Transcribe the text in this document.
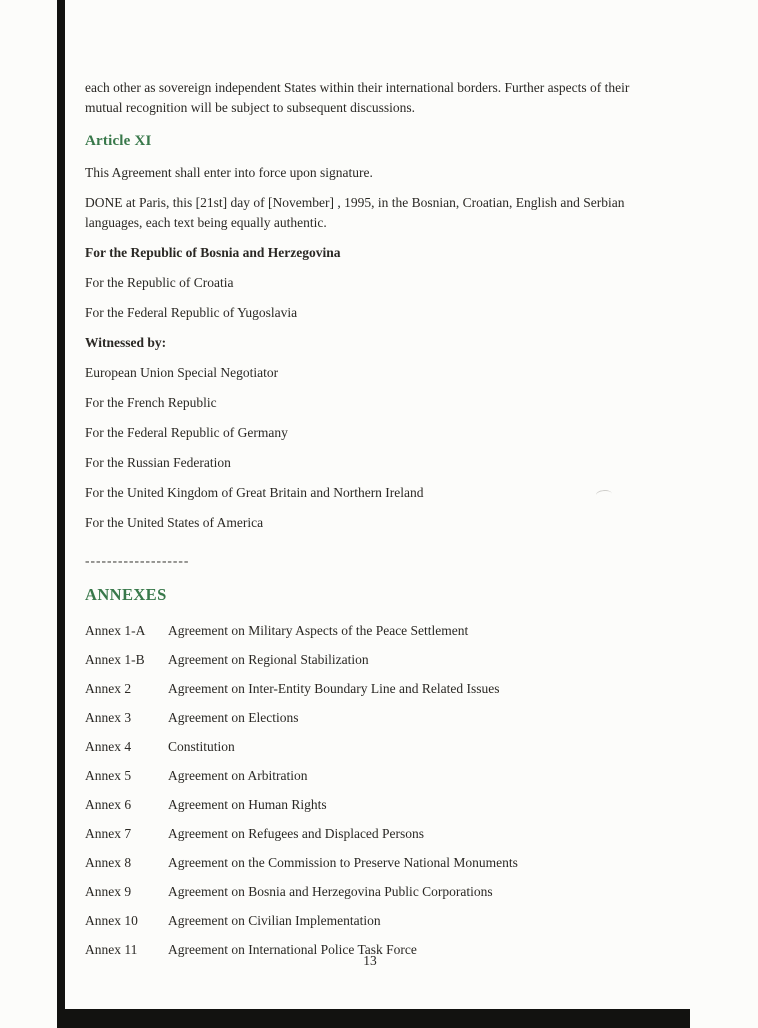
each other as sovereign independent States within their international borders. Further aspects of their mutual recognition will be subject to subsequent discussions.

Article XI

This Agreement shall enter into force upon signature.

DONE at Paris, this [21st] day of [November] , 1995, in the Bosnian, Croatian, English and Serbian languages, each text being equally authentic.

For the Republic of Bosnia and Herzegovina

For the Republic of Croatia

For the Federal Republic of Yugoslavia

Witnessed by:

European Union Special Negotiator

For the French Republic

For the Federal Republic of Germany

For the Russian Federation

For the United Kingdom of Great Britain and Northern Ireland

For the United States of America

-------------------

ANNEXES
Annex 1-A	Agreement on Military Aspects of the Peace Settlement
Annex 1-B	Agreement on Regional Stabilization
Annex 2	Agreement on Inter-Entity Boundary Line and Related Issues
Annex 3	Agreement on Elections
Annex 4	Constitution
Annex 5	Agreement on Arbitration
Annex 6	Agreement on Human Rights
Annex 7	Agreement on Refugees and Displaced Persons
Annex 8	Agreement on the Commission to Preserve National Monuments
Annex 9	Agreement on Bosnia and Herzegovina Public Corporations
Annex 10	Agreement on Civilian Implementation
Annex 11	Agreement on International Police Task Force
13
